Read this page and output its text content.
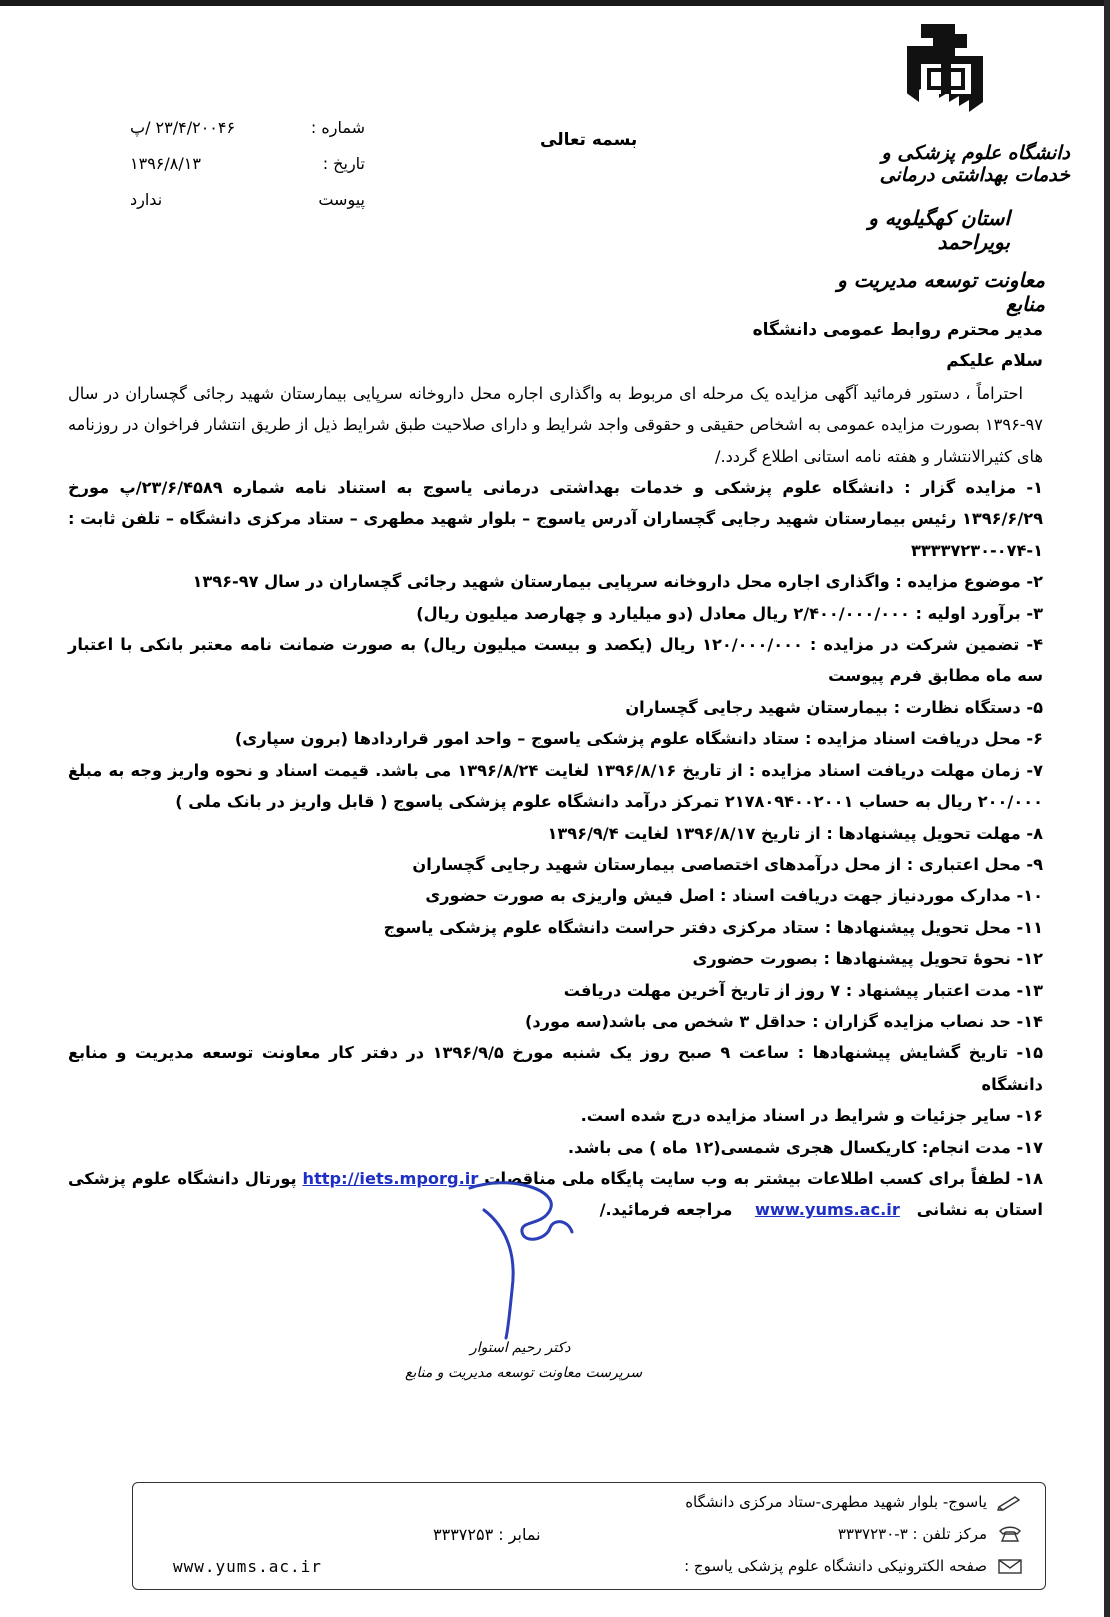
دانشگاه علوم پزشکی و خدمات بهداشتی درمانی
استان کهگیلویه و بویراحمد
معاونت توسعه مدیریت و منابع
بسمه تعالی
شماره :
۲۳/۴/۲۰۰۴۶ /پ
تاریخ :
۱۳۹۶/۸/۱۳
پیوست
ندارد
مدیر محترم روابط عمومی دانشگاه
سلام علیکم
احتراماً ، دستور فرمائید آگهی مزایده یک مرحله ای مربوط به واگذاری اجاره محل داروخانه سرپایی بیمارستان شهید رجائی گچساران در سال ۹۷-۱۳۹۶ بصورت مزایده عمومی به اشخاص حقیقی و حقوقی واجد شرایط و دارای صلاحیت طبق شرایط ذیل از طریق انتشار فراخوان در روزنامه های کثیرالانتشار و هفته نامه استانی اطلاع گردد./
۱- مزایده گزار : دانشگاه علوم پزشکی و خدمات بهداشتی درمانی یاسوج به استناد نامه شماره ۲۳/۶/۴۵۸۹/پ مورخ ۱۳۹۶/۶/۲۹ رئیس بیمارستان شهید رجایی گچساران آدرس یاسوج – بلوار شهید مطهری – ستاد مرکزی دانشگاه – تلفن ثابت : ۱-۰۷۴-۳۳۳۳۷۲۳۰
۲- موضوع مزایده : واگذاری اجاره محل داروخانه سرپایی بیمارستان شهید رجائی گچساران در سال ۹۷-۱۳۹۶
۳- برآورد اولیه : ۲/۴۰۰/۰۰۰/۰۰۰ ریال معادل (دو میلیارد و چهارصد میلیون ریال)
۴- تضمین شرکت در مزایده : ۱۲۰/۰۰۰/۰۰۰ ریال (یکصد و بیست میلیون ریال) به صورت ضمانت نامه معتبر بانکی با اعتبار سه ماه مطابق فرم پیوست
۵- دستگاه نظارت : بیمارستان شهید رجایی گچساران
۶- محل دریافت اسناد مزایده : ستاد دانشگاه علوم پزشکی یاسوج – واحد امور قراردادها (برون سپاری)
۷- زمان مهلت دریافت اسناد مزایده : از تاریخ ۱۳۹۶/۸/۱۶ لغایت ۱۳۹۶/۸/۲۴ می باشد. قیمت اسناد و نحوه واریز وجه به مبلغ ۲۰۰/۰۰۰ ریال به حساب ۲۱۷۸۰۹۴۰۰۲۰۰۱ تمرکز درآمد دانشگاه علوم پزشکی یاسوج ( قابل واریز در بانک ملی )
۸- مهلت تحویل پیشنهادها : از تاریخ ۱۳۹۶/۸/۱۷ لغایت ۱۳۹۶/۹/۴
۹- محل اعتباری : از محل درآمدهای اختصاصی بیمارستان شهید رجایی گچساران
۱۰- مدارک موردنیاز جهت دریافت اسناد : اصل فیش واریزی به صورت حضوری
۱۱- محل تحویل پیشنهادها : ستاد مرکزی دفتر حراست دانشگاه علوم پزشکی یاسوج
۱۲- نحوۀ تحویل پیشنهادها : بصورت حضوری
۱۳- مدت اعتبار پیشنهاد : ۷ روز از تاریخ آخرین مهلت دریافت
۱۴- حد نصاب مزایده گزاران : حداقل ۳ شخص می باشد(سه مورد)
۱۵- تاریخ گشایش پیشنهادها : ساعت ۹ صبح روز یک شنبه مورخ ۱۳۹۶/۹/۵ در دفتر کار معاونت توسعه مدیریت و منابع دانشگاه
۱۶- سایر جزئیات و شرایط در اسناد مزایده درج شده است.
۱۷- مدت انجام: کاریکسال هجری شمسی(۱۲ ماه ) می باشد.
۱۸- لطفاً برای کسب اطلاعات بیشتر به وب سایت پایگاه ملی مناقصات http://iets.mporg.ir پورتال دانشگاه علوم پزشکی استان به نشانی   www.yums.ac.ir    مراجعه فرمائید./
دکتر رحیم استوار
سرپرست معاونت توسعه مدیریت و منابع
یاسوج- بلوار شهید مطهری-ستاد مرکزی دانشگاه
مرکز تلفن : ۳-۳۳۳۷۲۳۰
صفحه الکترونیکی دانشگاه علوم پزشکی یاسوج :
نمابر : ۳۳۳۷۲۵۳
www.yums.ac.ir
